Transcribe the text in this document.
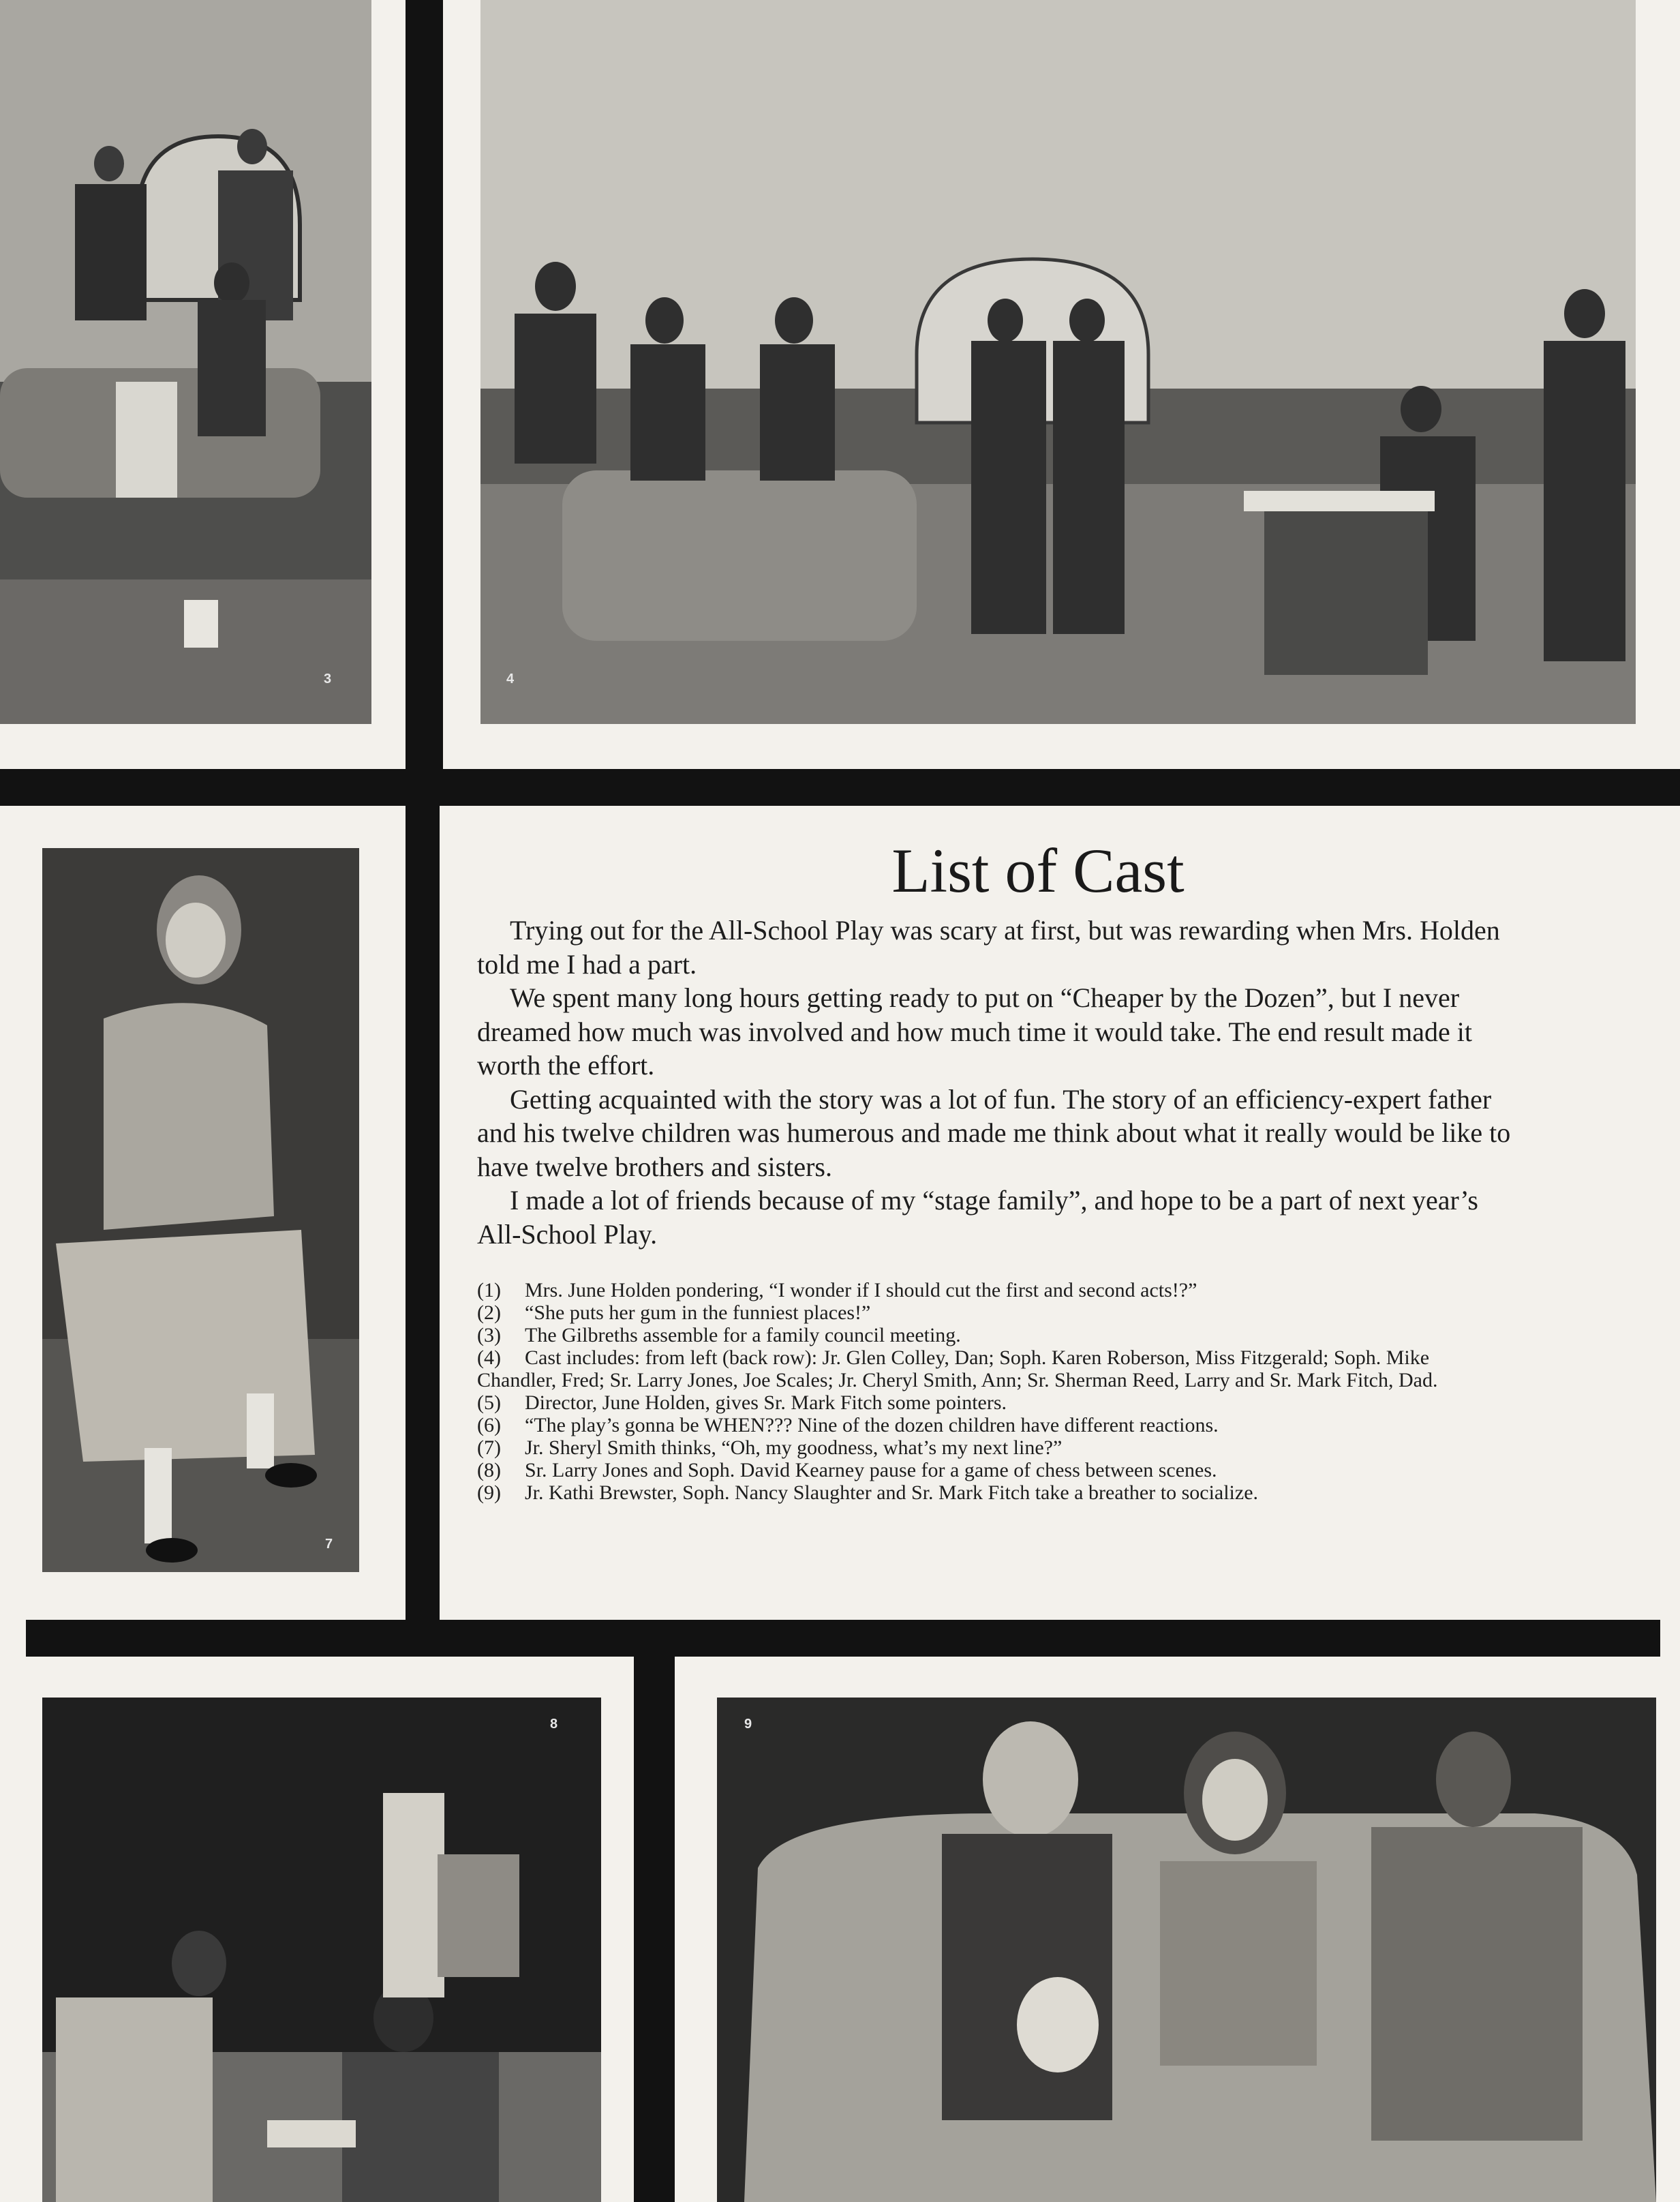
3	4
7
8	9
List of Cast

Trying out for the All-School Play was scary at first, but was rewarding when Mrs. Holden told me I had a part.

We spent many long hours getting ready to put on “Cheaper by the Dozen”, but I never dreamed how much was involved and how much time it would take. The end result made it worth the effort.

Getting acquainted with the story was a lot of fun. The story of an efficiency-expert father and his twelve children was humerous and made me think about what it really would be like to have twelve brothers and sisters.

I made a lot of friends because of my “stage family”, and hope to be a part of next year’s All-School Play.

(1) Mrs. June Holden pondering, “I wonder if I should cut the first and second acts!?”
(2) “She puts her gum in the funniest places!”
(3) The Gilbreths assemble for a family council meeting.
(4) Cast includes: from left (back row): Jr. Glen Colley, Dan; Soph. Karen Roberson, Miss Fitzgerald; Soph. Mike Chandler, Fred; Sr. Larry Jones, Joe Scales; Jr. Cheryl Smith, Ann; Sr. Sherman Reed, Larry and Sr. Mark Fitch, Dad.
(5) Director, June Holden, gives Sr. Mark Fitch some pointers.
(6) “The play’s gonna be WHEN??? Nine of the dozen children have different reactions.
(7) Jr. Sheryl Smith thinks, “Oh, my goodness, what’s my next line?”
(8) Sr. Larry Jones and Soph. David Kearney pause for a game of chess between scenes.
(9) Jr. Kathi Brewster, Soph. Nancy Slaughter and Sr. Mark Fitch take a breather to socialize.
